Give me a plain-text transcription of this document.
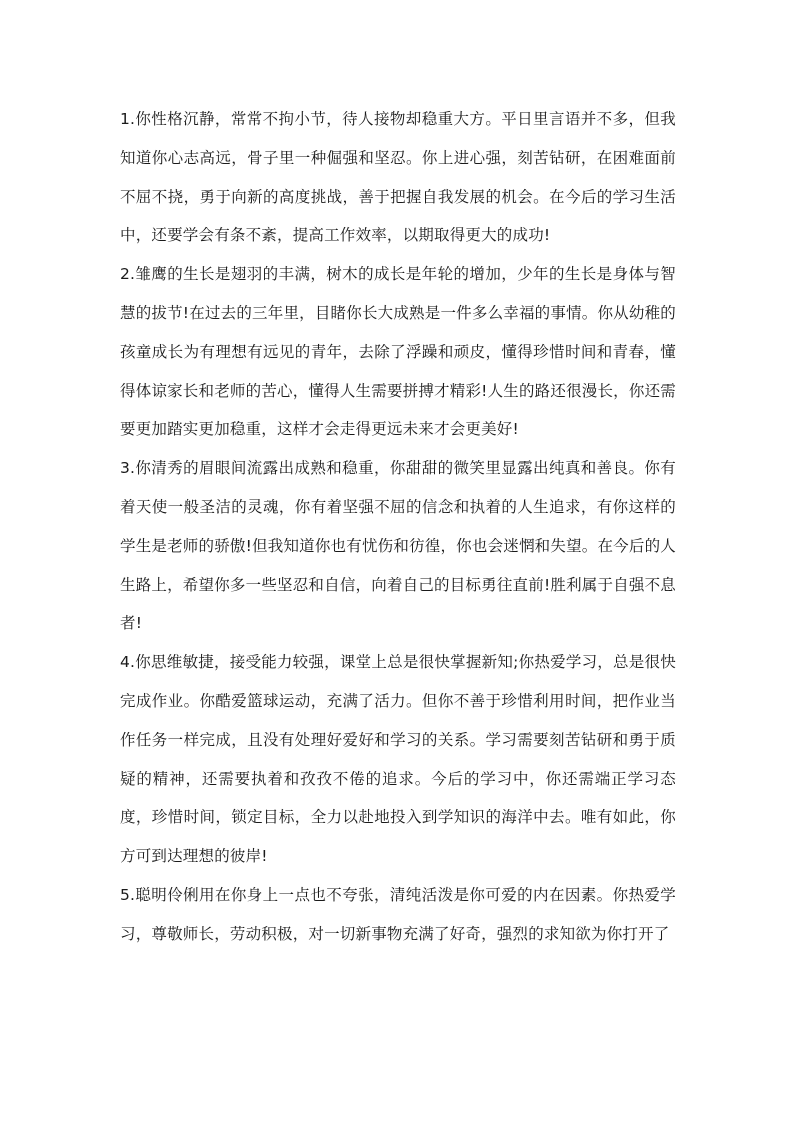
1.你性格沉静，常常不拘小节，待人接物却稳重大方。平日里言语并不多，但我知道你心志高远，骨子里一种倔强和坚忍。你上进心强，刻苦钻研，在困难面前不屈不挠，勇于向新的高度挑战，善于把握自我发展的机会。在今后的学习生活中，还要学会有条不紊，提高工作效率，以期取得更大的成功!

2.雏鹰的生长是翅羽的丰满，树木的成长是年轮的增加，少年的生长是身体与智慧的拔节!在过去的三年里，目睹你长大成熟是一件多么幸福的事情。你从幼稚的孩童成长为有理想有远见的青年，去除了浮躁和顽皮，懂得珍惜时间和青春，懂得体谅家长和老师的苦心，懂得人生需要拼搏才精彩!人生的路还很漫长，你还需要更加踏实更加稳重，这样才会走得更远未来才会更美好!

3.你清秀的眉眼间流露出成熟和稳重，你甜甜的微笑里显露出纯真和善良。你有着天使一般圣洁的灵魂，你有着坚强不屈的信念和执着的人生追求，有你这样的学生是老师的骄傲!但我知道你也有忧伤和彷徨，你也会迷惘和失望。在今后的人生路上，希望你多一些坚忍和自信，向着自己的目标勇往直前!胜利属于自强不息者!

4.你思维敏捷，接受能力较强，课堂上总是很快掌握新知;你热爱学习，总是很快完成作业。你酷爱篮球运动，充满了活力。但你不善于珍惜利用时间，把作业当作任务一样完成，且没有处理好爱好和学习的关系。学习需要刻苦钻研和勇于质疑的精神，还需要执着和孜孜不倦的追求。今后的学习中，你还需端正学习态度，珍惜时间，锁定目标，全力以赴地投入到学知识的海洋中去。唯有如此，你方可到达理想的彼岸!

5.聪明伶俐用在你身上一点也不夸张，清纯活泼是你可爱的内在因素。你热爱学习，尊敬师长，劳动积极，对一切新事物充满了好奇，强烈的求知欲为你打开了
